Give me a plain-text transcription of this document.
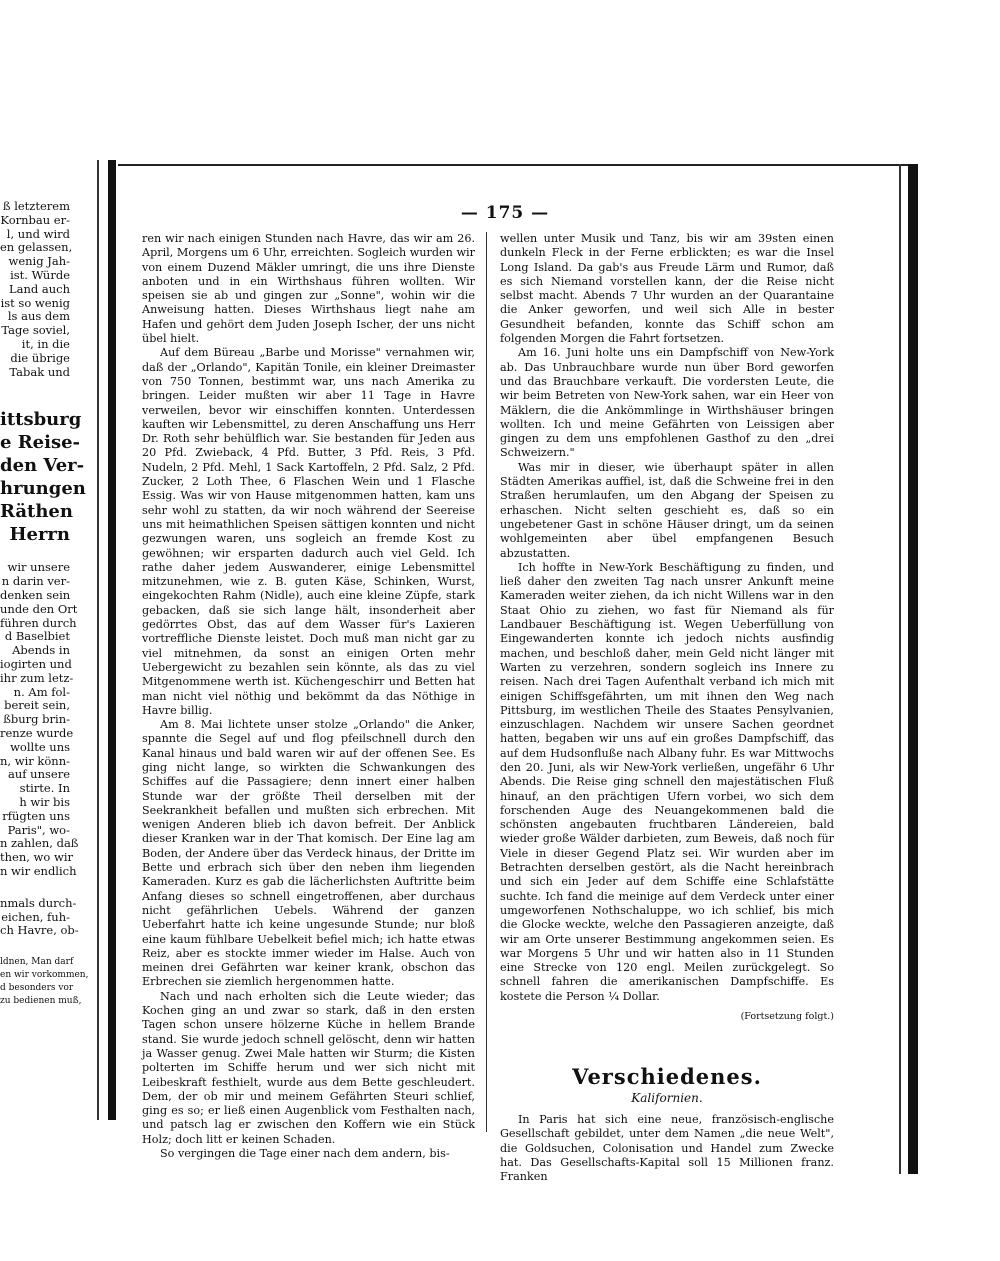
ß letzterem
Kornbau er-
l, und wird
en gelassen,
wenig Jah-
ist. Würde
Land auch
ist so wenig
ls aus dem
Tage soviel,
it, in die
die übrige
Tabak und
ittsburg
e Reise-
den Ver-
hrungen
Räthen
Herrn
wir unsere
n darin ver-
denken sein
unde den Ort
führen durch
d Baselbiet
Abends in
iogirten und
ihr zum letz-
n. Am fol-
bereit sein,
ßburg brin-
renze wurde
wollte uns
n, wir könn-
auf unsere
stirte. In
h wir bis
rfügten uns
Paris", wo-
n zahlen, daß
then, wo wir
n wir endlich
nmals durch-
eichen, fuh-
ch Havre, ob-
ldnen, Man darf
en wir vorkommen,
d besonders vor
zu bedienen muß,
— 175 —

ren wir nach einigen Stunden nach Havre, das wir am 26. April, Morgens um 6 Uhr, erreichten. Sogleich wurden wir von einem Duzend Mäkler umringt, die uns ihre Dienste anboten und in ein Wirthshaus führen wollten. Wir speisen sie ab und gingen zur „Sonne", wohin wir die Anweisung hatten. Dieses Wirthshaus liegt nahe am Hafen und gehört dem Juden Joseph Ischer, der uns nicht übel hielt.

Auf dem Büreau „Barbe und Morisse" vernahmen wir, daß der „Orlando", Kapitän Tonile, ein kleiner Dreimaster von 750 Tonnen, bestimmt war, uns nach Amerika zu bringen. Leider mußten wir aber 11 Tage in Havre verweilen, bevor wir einschiffen konnten. Unterdessen kauften wir Lebensmittel, zu deren Anschaffung uns Herr Dr. Roth sehr behülflich war. Sie bestanden für Jeden aus 20 Pfd. Zwieback, 4 Pfd. Butter, 3 Pfd. Reis, 3 Pfd. Nudeln, 2 Pfd. Mehl, 1 Sack Kartoffeln, 2 Pfd. Salz, 2 Pfd. Zucker, 2 Loth Thee, 6 Flaschen Wein und 1 Flasche Essig. Was wir von Hause mitgenommen hatten, kam uns sehr wohl zu statten, da wir noch während der Seereise uns mit heimathlichen Speisen sättigen konnten und nicht gezwungen waren, uns sogleich an fremde Kost zu gewöhnen; wir ersparten dadurch auch viel Geld. Ich rathe daher jedem Auswanderer, einige Lebensmittel mitzunehmen, wie z. B. guten Käse, Schinken, Wurst, eingekochten Rahm (Nidle), auch eine kleine Züpfe, stark gebacken, daß sie sich lange hält, insonderheit aber gedörrtes Obst, das auf dem Wasser für's Laxieren vortreffliche Dienste leistet. Doch muß man nicht gar zu viel mitnehmen, da sonst an einigen Orten mehr Uebergewicht zu bezahlen sein könnte, als das zu viel Mitgenommene werth ist. Küchengeschirr und Betten hat man nicht viel nöthig und bekömmt da das Nöthige in Havre billig.

Am 8. Mai lichtete unser stolze „Orlando" die Anker, spannte die Segel auf und flog pfeilschnell durch den Kanal hinaus und bald waren wir auf der offenen See. Es ging nicht lange, so wirkten die Schwankungen des Schiffes auf die Passagiere; denn innert einer halben Stunde war der größte Theil derselben mit der Seekrankheit befallen und mußten sich erbrechen. Mit wenigen Anderen blieb ich davon befreit. Der Anblick dieser Kranken war in der That komisch. Der Eine lag am Boden, der Andere über das Verdeck hinaus, der Dritte im Bette und erbrach sich über den neben ihm liegenden Kameraden. Kurz es gab die lächerlichsten Auftritte beim Anfang dieses so schnell eingetroffenen, aber durchaus nicht gefährlichen Uebels. Während der ganzen Ueberfahrt hatte ich keine ungesunde Stunde; nur bloß eine kaum fühlbare Uebelkeit befiel mich; ich hatte etwas Reiz, aber es stockte immer wieder im Halse. Auch von meinen drei Gefährten war keiner krank, obschon das Erbrechen sie ziemlich hergenommen hatte.

Nach und nach erholten sich die Leute wieder; das Kochen ging an und zwar so stark, daß in den ersten Tagen schon unsere hölzerne Küche in hellem Brande stand. Sie wurde jedoch schnell gelöscht, denn wir hatten ja Wasser genug. Zwei Male hatten wir Sturm; die Kisten polterten im Schiffe herum und wer sich nicht mit Leibeskraft festhielt, wurde aus dem Bette geschleudert. Dem, der ob mir und meinem Gefährten Steuri schlief, ging es so; er ließ einen Augenblick vom Festhalten nach, und patsch lag er zwischen den Koffern wie ein Stück Holz; doch litt er keinen Schaden.

So vergingen die Tage einer nach dem andern, bis-

wellen unter Musik und Tanz, bis wir am 39sten einen dunkeln Fleck in der Ferne erblickten; es war die Insel Long Island. Da gab's aus Freude Lärm und Rumor, daß es sich Niemand vorstellen kann, der die Reise nicht selbst macht. Abends 7 Uhr wurden an der Quarantaine die Anker geworfen, und weil sich Alle in bester Gesundheit befanden, konnte das Schiff schon am folgenden Morgen die Fahrt fortsetzen.

Am 16. Juni holte uns ein Dampfschiff von New-York ab. Das Unbrauchbare wurde nun über Bord geworfen und das Brauchbare verkauft. Die vordersten Leute, die wir beim Betreten von New-York sahen, war ein Heer von Mäklern, die die Ankömmlinge in Wirthshäuser bringen wollten. Ich und meine Gefährten von Leissigen aber gingen zu dem uns empfohlenen Gasthof zu den „drei Schweizern."

Was mir in dieser, wie überhaupt später in allen Städten Amerikas auffiel, ist, daß die Schweine frei in den Straßen herumlaufen, um den Abgang der Speisen zu erhaschen. Nicht selten geschieht es, daß so ein ungebetener Gast in schöne Häuser dringt, um da seinen wohlgemeinten aber übel empfangenen Besuch abzustatten.

Ich hoffte in New-York Beschäftigung zu finden, und ließ daher den zweiten Tag nach unsrer Ankunft meine Kameraden weiter ziehen, da ich nicht Willens war in den Staat Ohio zu ziehen, wo fast für Niemand als für Landbauer Beschäftigung ist. Wegen Ueberfüllung von Eingewanderten konnte ich jedoch nichts ausfindig machen, und beschloß daher, mein Geld nicht länger mit Warten zu verzehren, sondern sogleich ins Innere zu reisen. Nach drei Tagen Aufenthalt verband ich mich mit einigen Schiffsgefährten, um mit ihnen den Weg nach Pittsburg, im westlichen Theile des Staates Pensylvanien, einzuschlagen. Nachdem wir unsere Sachen geordnet hatten, begaben wir uns auf ein großes Dampfschiff, das auf dem Hudsonfluße nach Albany fuhr. Es war Mittwochs den 20. Juni, als wir New-York verließen, ungefähr 6 Uhr Abends. Die Reise ging schnell den majestätischen Fluß hinauf, an den prächtigen Ufern vorbei, wo sich dem forschenden Auge des Neuangekommenen bald die schönsten angebauten fruchtbaren Ländereien, bald wieder große Wälder darbieten, zum Beweis, daß noch für Viele in dieser Gegend Platz sei. Wir wurden aber im Betrachten derselben gestört, als die Nacht hereinbrach und sich ein Jeder auf dem Schiffe eine Schlafstätte suchte. Ich fand die meinige auf dem Verdeck unter einer umgeworfenen Nothschaluppe, wo ich schlief, bis mich die Glocke weckte, welche den Passagieren anzeigte, daß wir am Orte unserer Bestimmung angekommen seien. Es war Morgens 5 Uhr und wir hatten also in 11 Stunden eine Strecke von 120 engl. Meilen zurückgelegt. So schnell fahren die amerikanischen Dampfschiffe. Es kostete die Person ¼ Dollar.

(Fortsetzung folgt.)
Verschiedenes.
Kalifornien.

In Paris hat sich eine neue, französisch-englische Gesellschaft gebildet, unter dem Namen „die neue Welt", die Goldsuchen, Colonisation und Handel zum Zwecke hat. Das Gesellschafts-Kapital soll 15 Millionen franz. Franken
